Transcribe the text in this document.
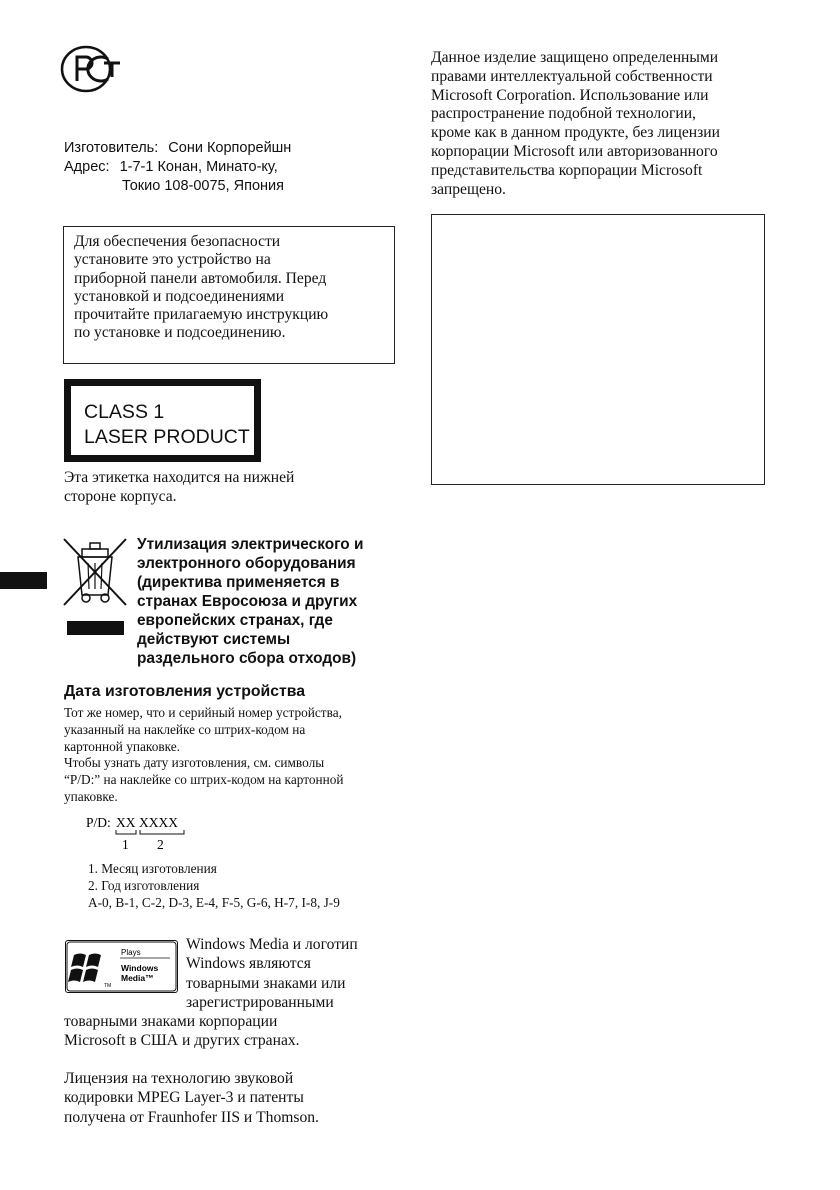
Изготовитель: Сони Корпорейшн
Адрес: 1-7-1 Конан, Минато-ку,
Токио 108-0075, Япония
Для обеспечения безопасности
установите это устройство на
приборной панели автомобиля. Перед
установкой и подсоединениями
прочитайте прилагаемую инструкцию
по установке и подсоединению.
CLASS 1
LASER PRODUCT
Эта этикетка находится на нижней
стороне корпуса.
Утилизация электрического и
электронного оборудования
(директива применяется в
странах Евросоюза и других
европейских странах, где
действуют системы
раздельного сбора отходов)
Дата изготовления устройства
Тот же номер, что и серийный номер устройства,
указанный на наклейке со штрих-кодом на
картонной упаковке.
Чтобы узнать дату изготовления, см. символы
“P/D:” на наклейке со штрих-кодом на картонной
упаковке.
P/D: XX XXXX
1 2
1. Месяц изготовления
2. Год изготовления
A-0, B-1, C-2, D-3, E-4, F-5, G-6, H-7, I-8, J-9
Plays
Windows
Media™
TM
Windows Media и логотип
Windows являются
товарными знаками или
зарегистрированными
товарными знаками корпорации
Microsoft в США и других странах.
Лицензия на технологию звуковой
кодировки MPEG Layer-3 и патенты
получена от Fraunhofer IIS и Thomson.
Данное изделие защищено определенными
правами интеллектуальной собственности
Microsoft Corporation. Использование или
распространение подобной технологии,
кроме как в данном продукте, без лицензии
корпорации Microsoft или авторизованного
представительства корпорации Microsoft
запрещено.
